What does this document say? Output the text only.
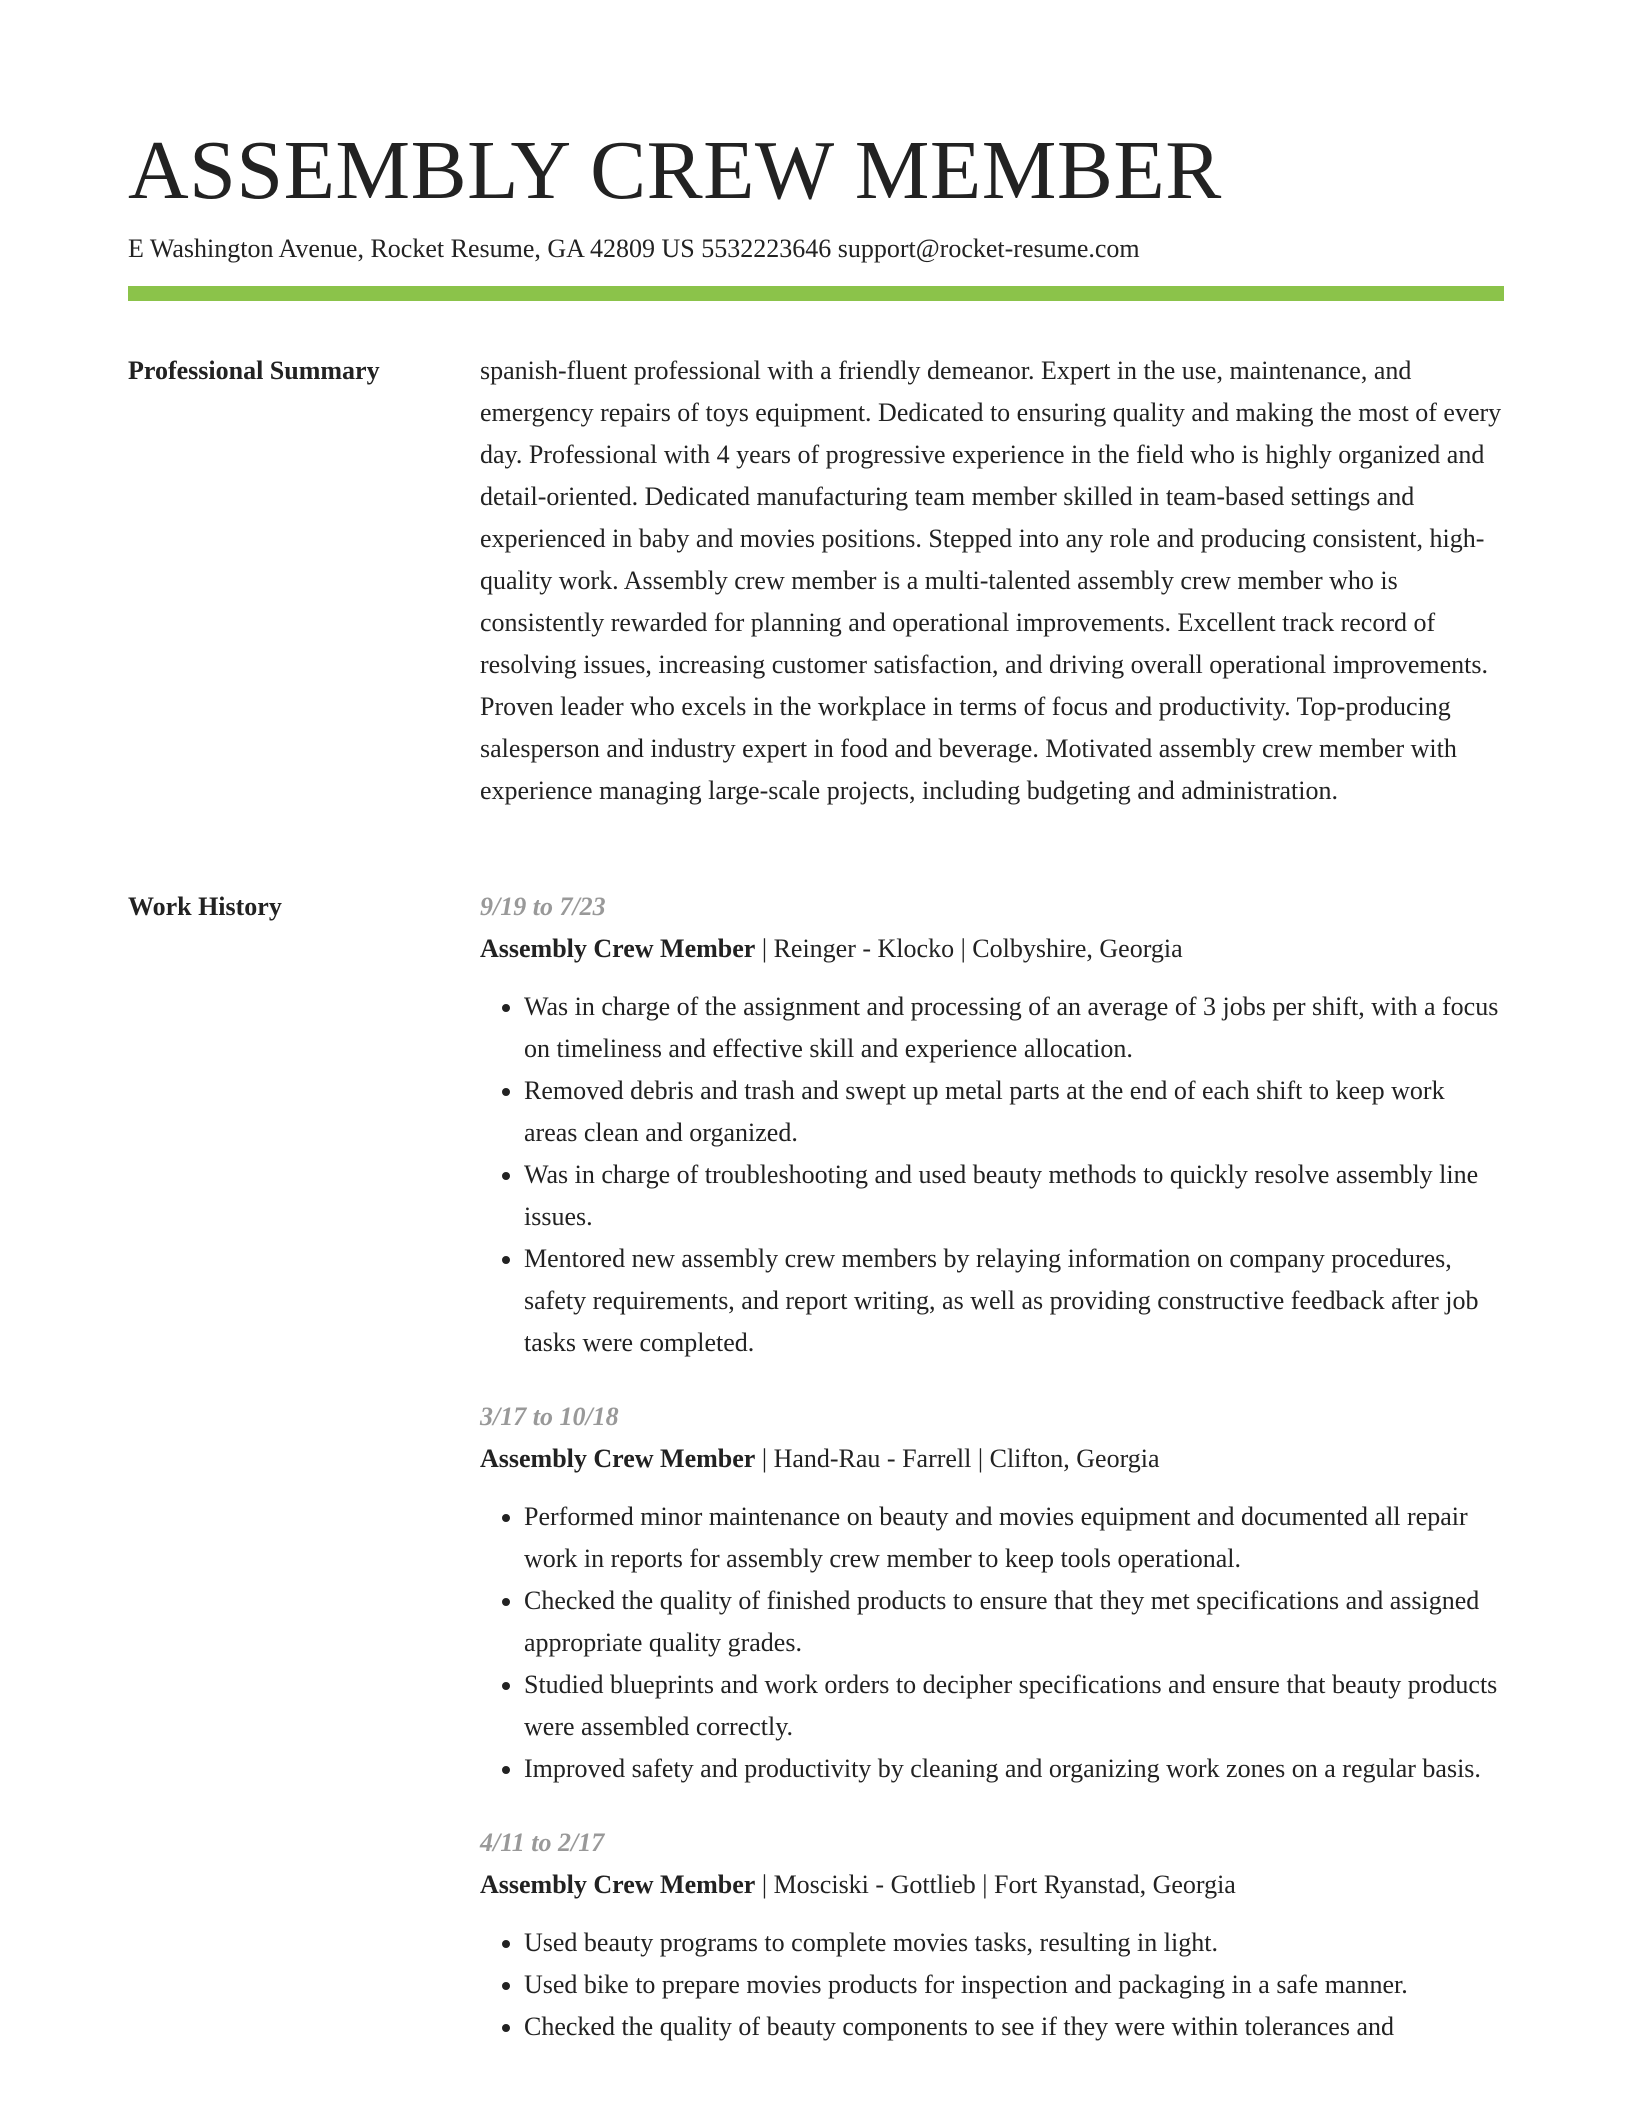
ASSEMBLY CREW MEMBER
E Washington Avenue, Rocket Resume, GA 42809 US 5532223646 support@rocket-resume.com
Professional Summary	spanish-fluent professional with a friendly demeanor. Expert in the use, maintenance, and emergency repairs of toys equipment. Dedicated to ensuring quality and making the most of every day. Professional with 4 years of progressive experience in the field who is highly organized and detail-oriented. Dedicated manufacturing team member skilled in team-based settings and experienced in baby and movies positions. Stepped into any role and producing consistent, high-quality work. Assembly crew member is a multi-talented assembly crew member who is consistently rewarded for planning and operational improvements. Excellent track record of resolving issues, increasing customer satisfaction, and driving overall operational improvements. Proven leader who excels in the workplace in terms of focus and productivity. Top-producing salesperson and industry expert in food and beverage. Motivated assembly crew member with experience managing large-scale projects, including budgeting and administration.

Work History	9/19 to 7/23
Assembly Crew Member | Reinger - Klocko | Colbyshire, Georgia
• Was in charge of the assignment and processing of an average of 3 jobs per shift, with a focus on timeliness and effective skill and experience allocation.
• Removed debris and trash and swept up metal parts at the end of each shift to keep work areas clean and organized.
• Was in charge of troubleshooting and used beauty methods to quickly resolve assembly line issues.
• Mentored new assembly crew members by relaying information on company procedures, safety requirements, and report writing, as well as providing constructive feedback after job tasks were completed.
3/17 to 10/18
Assembly Crew Member | Hand-Rau - Farrell | Clifton, Georgia
• Performed minor maintenance on beauty and movies equipment and documented all repair work in reports for assembly crew member to keep tools operational.
• Checked the quality of finished products to ensure that they met specifications and assigned appropriate quality grades.
• Studied blueprints and work orders to decipher specifications and ensure that beauty products were assembled correctly.
• Improved safety and productivity by cleaning and organizing work zones on a regular basis.
4/11 to 2/17
Assembly Crew Member | Mosciski - Gottlieb | Fort Ryanstad, Georgia
• Used beauty programs to complete movies tasks, resulting in light.
• Used bike to prepare movies products for inspection and packaging in a safe manner.
• Checked the quality of beauty components to see if they were within tolerances and
